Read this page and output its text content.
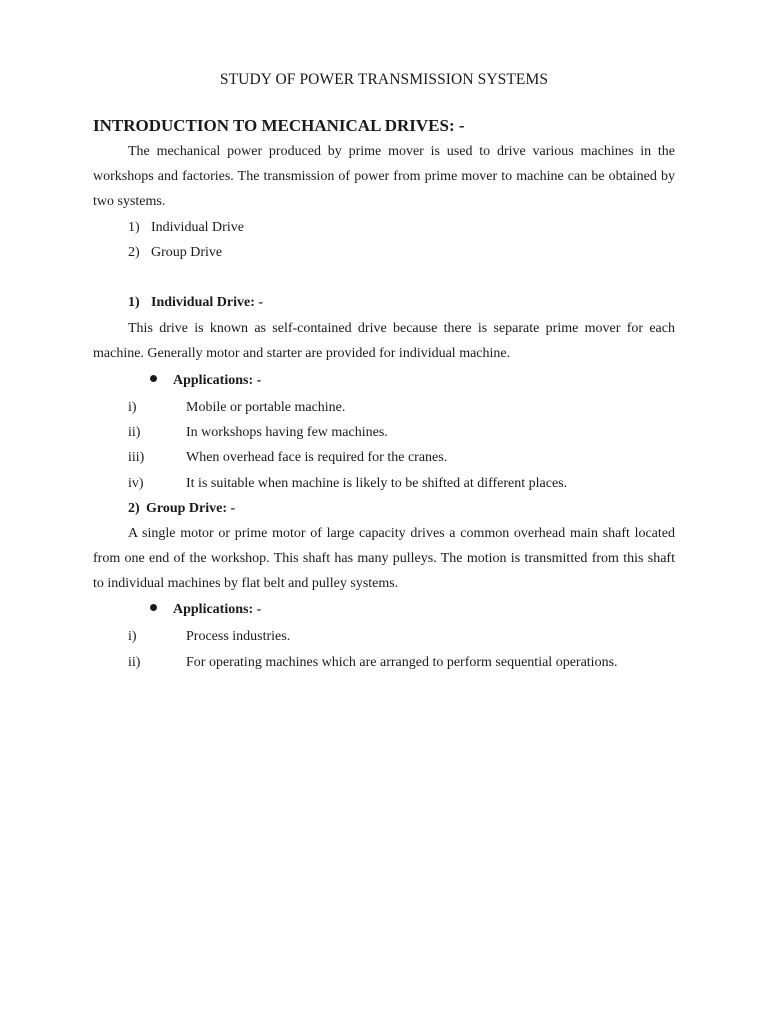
STUDY OF POWER TRANSMISSION SYSTEMS
INTRODUCTION TO MECHANICAL DRIVES: -
The mechanical power produced by prime mover is used to drive various machines in the workshops and factories. The transmission of power from prime mover to machine can be obtained by two systems.
1) Individual Drive
2) Group Drive
1) Individual Drive: -
This drive is known as self-contained drive because there is separate prime mover for each machine. Generally motor and starter are provided for individual machine.
Applications: -
i)	Mobile or portable machine.
ii)	In workshops having few machines.
iii)	When overhead face is required for the cranes.
iv)	It is suitable when machine is likely to be shifted at different places.
2) Group Drive: -
A single motor or prime motor of large capacity drives a common overhead main shaft located from one end of the workshop. This shaft has many pulleys. The motion is transmitted from this shaft to individual machines by flat belt and pulley systems.
Applications: -
i)	Process industries.
ii)	For operating machines which are arranged to perform sequential operations.
